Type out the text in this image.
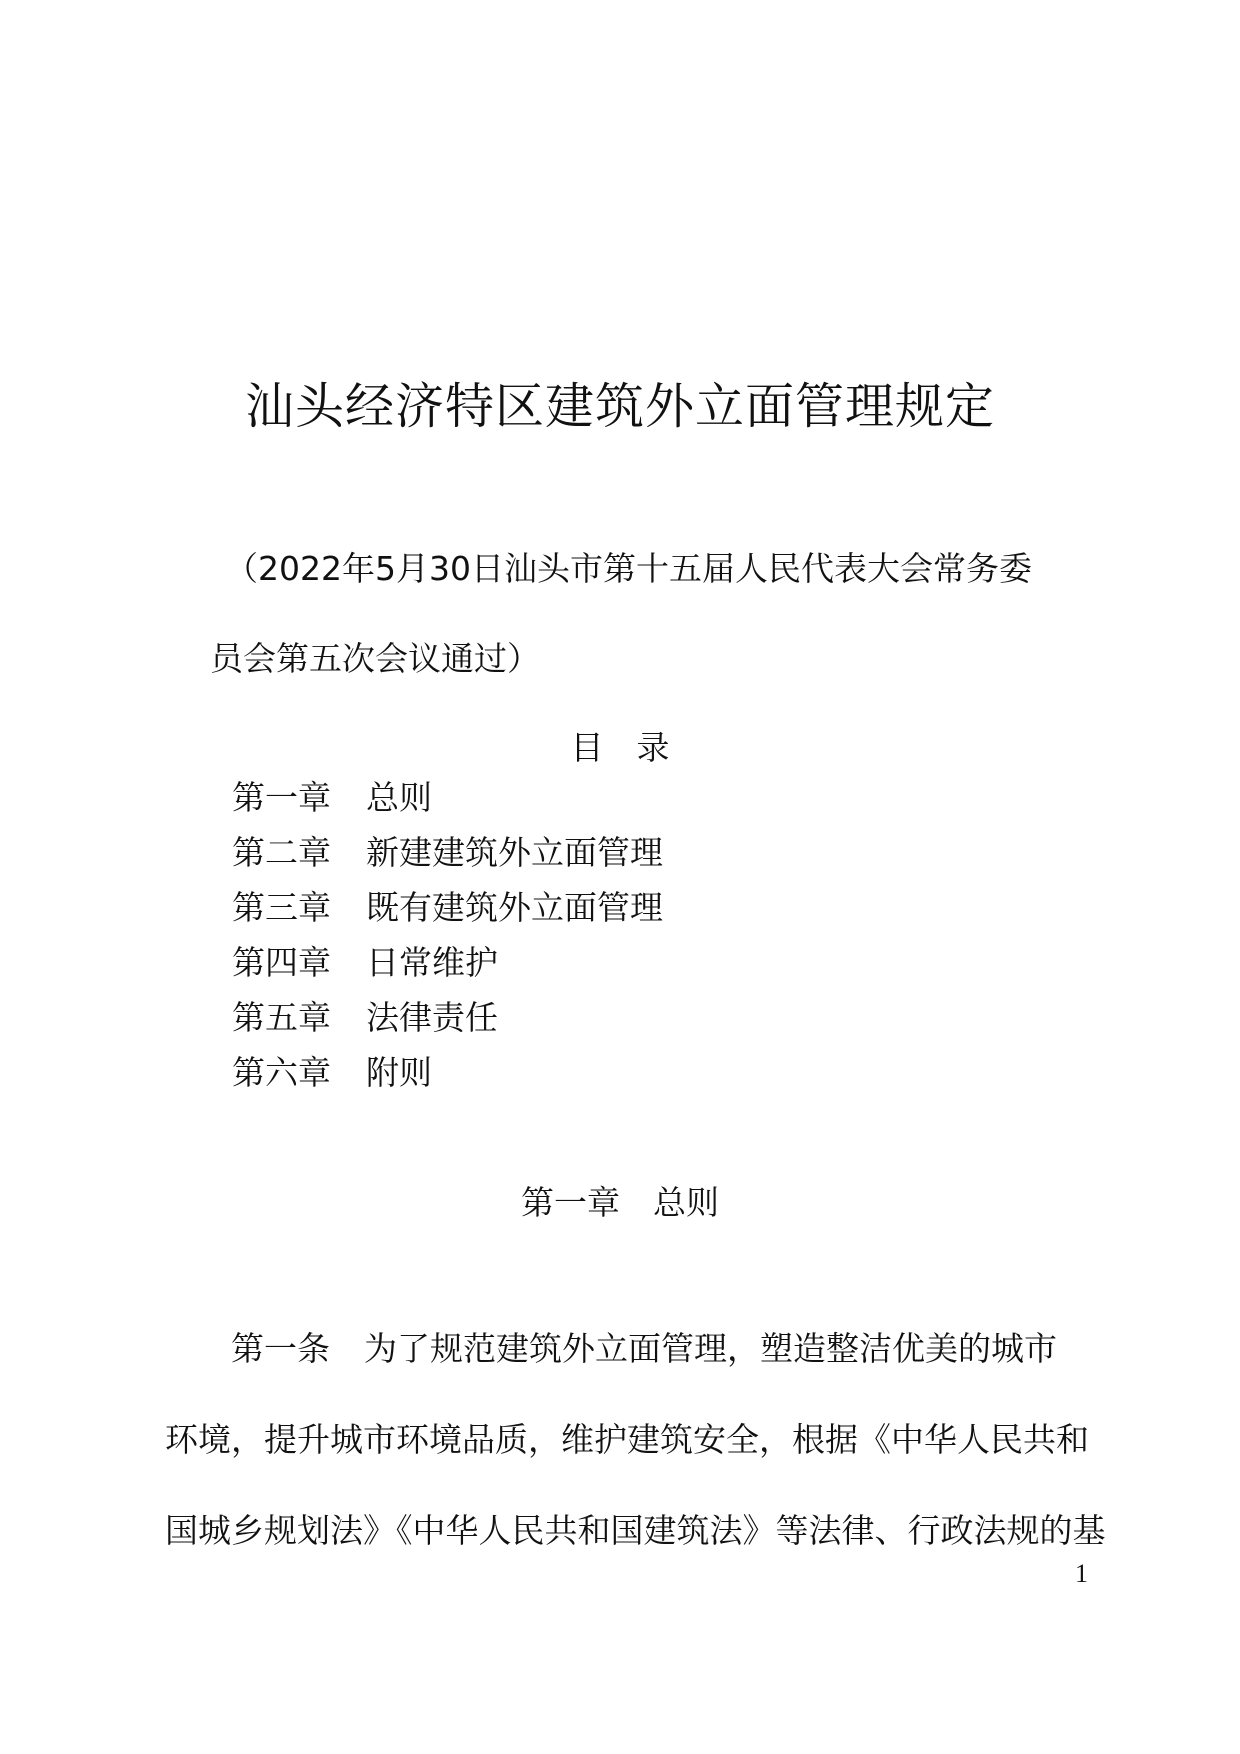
汕头经济特区建筑外立面管理规定

（2022年5月30日汕头市第十五届人民代表大会常务委
员会第五次会议通过）

目　录
第一章 总则
第二章 新建建筑外立面管理
第三章 既有建筑外立面管理
第四章 日常维护
第五章 法律责任
第六章 附则
第一章　总则

第一条 为了规范建筑外立面管理，塑造整洁优美的城市
环境，提升城市环境品质，维护建筑安全，根据《中华人民共和
国城乡规划法》《中华人民共和国建筑法》等法律、行政法规的基

1
